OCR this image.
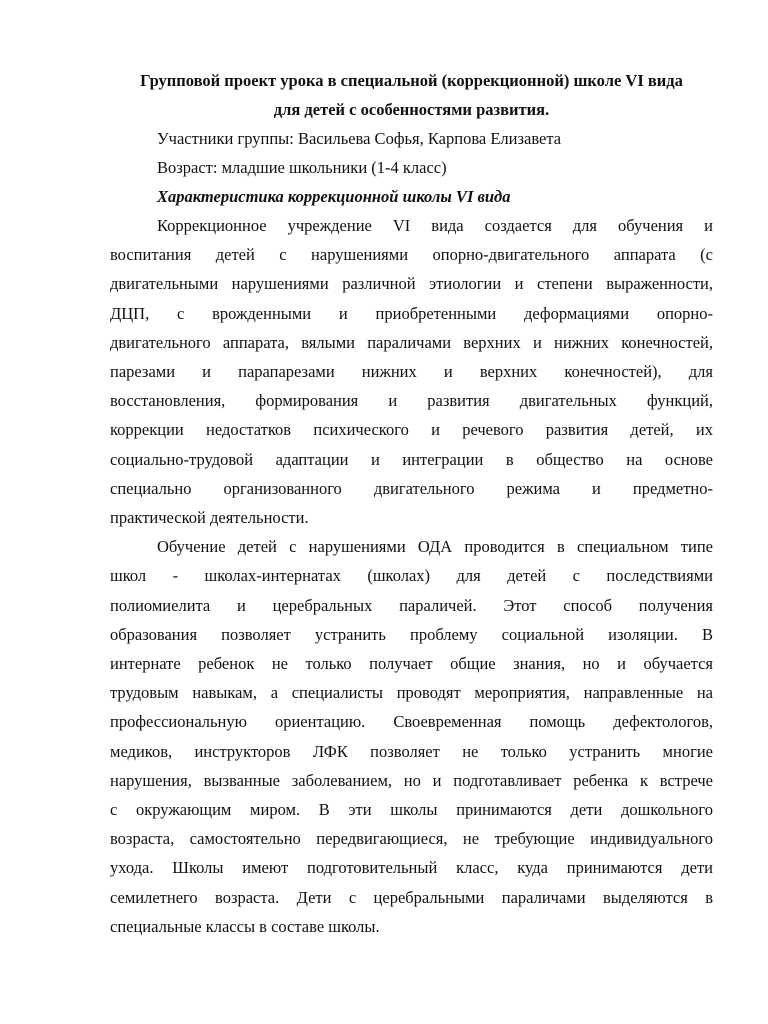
Групповой проект урока в специальной (коррекционной) школе VI вида
для детей с особенностями развития.

Участники группы: Васильева Софья, Карпова Елизавета

Возраст: младшие школьники (1-4 класс)

Характеристика коррекционной школы VI вида

Коррекционное учреждение VI вида создается для обучения и
воспитания детей с нарушениями опорно-двигательного аппарата (с
двигательными нарушениями различной этиологии и степени выраженности,
ДЦП, с врожденными и приобретенными деформациями опорно-
двигательного аппарата, вялыми параличами верхних и нижних конечностей,
парезами и парапарезами нижних и верхних конечностей), для
восстановления, формирования и развития двигательных функций,
коррекции недостатков психического и речевого развития детей, их
социально-трудовой адаптации и интеграции в общество на основе
специально организованного двигательного режима и предметно-
практической деятельности.

Обучение детей с нарушениями ОДА проводится в специальном типе
школ - школах-интернатах (школах) для детей с последствиями
полиомиелита и церебральных параличей. Этот способ получения
образования позволяет устранить проблему социальной изоляции. В
интернате ребенок не только получает общие знания, но и обучается
трудовым навыкам, а специалисты проводят мероприятия, направленные на
профессиональную ориентацию. Своевременная помощь дефектологов,
медиков, инструкторов ЛФК позволяет не только устранить многие
нарушения, вызванные заболеванием, но и подготавливает ребенка к встрече
с окружающим миром. В эти школы принимаются дети дошкольного
возраста, самостоятельно передвигающиеся, не требующие индивидуального
ухода. Школы имеют подготовительный класс, куда принимаются дети
семилетнего возраста. Дети с церебральными параличами выделяются в
специальные классы в составе школы.
